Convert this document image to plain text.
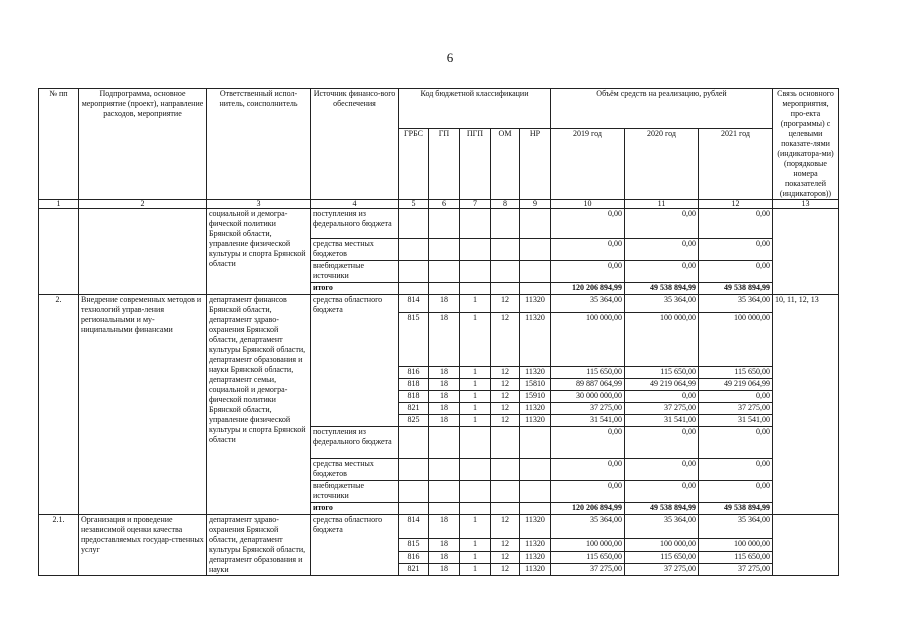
6
№ пп	Подпрограмма, основное мероприятие (проект), направление расходов, мероприятие	Ответственный испол-нитель, соисполнитель	Источник финансо-вого обеспечения	Код бюджетной классификации					Объём средств на реализацию, рублей			Связь основного мероприятия, про-екта (программы) с целевыми показате-лями (индикатора-ми) (порядковые номера показателей (индикаторов))
				ГРБС	ГП	ПГП	ОМ	НР	2019 год	2020 год	2021 год	
1	2	3	4	5	6	7	8	9	10	11	12	13
		социальной и демогра-фической политики Брянской области, управление физической культуры и спорта Брянской области	поступления из федерального бюджета						0,00	0,00	0,00	
			средства местных бюджетов						0,00	0,00	0,00	
			внебюджетные источники						0,00	0,00	0,00	
			итого						120 206 894,99	49 538 894,99	49 538 894,99	
2.	Внедрение современных методов и технологий управ-ления региональными и му-ниципальными финансами	департамент финансов Брянской области, департамент здраво-охранения Брянской области, департамент культуры Брянской области, департамент образования и науки Брянской области, департамент семьи, социальной и демогра-фической политики Брянской области, управление физической культуры и спорта Брянской области	средства областного бюджета	814	18	1	12	11320	35 364,00	35 364,00	35 364,00	10, 11, 12, 13
				815	18	1	12	11320	100 000,00	100 000,00	100 000,00	
				816	18	1	12	11320	115 650,00	115 650,00	115 650,00	
				818	18	1	12	15810	89 887 064,99	49 219 064,99	49 219 064,99	
				818	18	1	12	15910	30 000 000,00	0,00	0,00	
				821	18	1	12	11320	37 275,00	37 275,00	37 275,00	
				825	18	1	12	11320	31 541,00	31 541,00	31 541,00	
			поступления из федерального бюджета						0,00	0,00	0,00	
			средства местных бюджетов						0,00	0,00	0,00	
			внебюджетные источники						0,00	0,00	0,00	
			итого						120 206 894,99	49 538 894,99	49 538 894,99	
2.1.	Организация и проведение независимой оценки качества предоставляемых государ-ственных услуг	департамент здраво-охранения Брянской области, департамент культуры Брянской области, департамент образования и науки	средства областного бюджета	814	18	1	12	11320	35 364,00	35 364,00	35 364,00	
				815	18	1	12	11320	100 000,00	100 000,00	100 000,00	
				816	18	1	12	11320	115 650,00	115 650,00	115 650,00	
				821	18	1	12	11320	37 275,00	37 275,00	37 275,00	
